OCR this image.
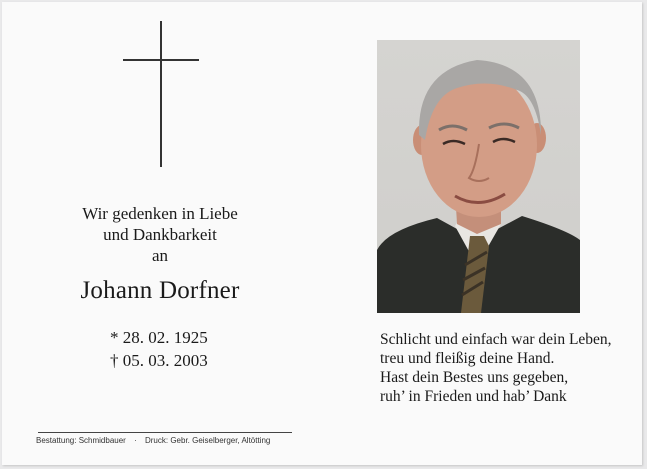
Wir gedenken in Liebe
und Dankbarkeit
an
Johann Dorfner
* 28. 02. 1925
† 05. 03. 2003
Bestattung: Schmidbauer · Druck: Gebr. Geiselberger, Altötting
Schlicht und einfach war dein Leben,
treu und fleißig deine Hand.
Hast dein Bestes uns gegeben,
ruh’ in Frieden und hab’ Dank
